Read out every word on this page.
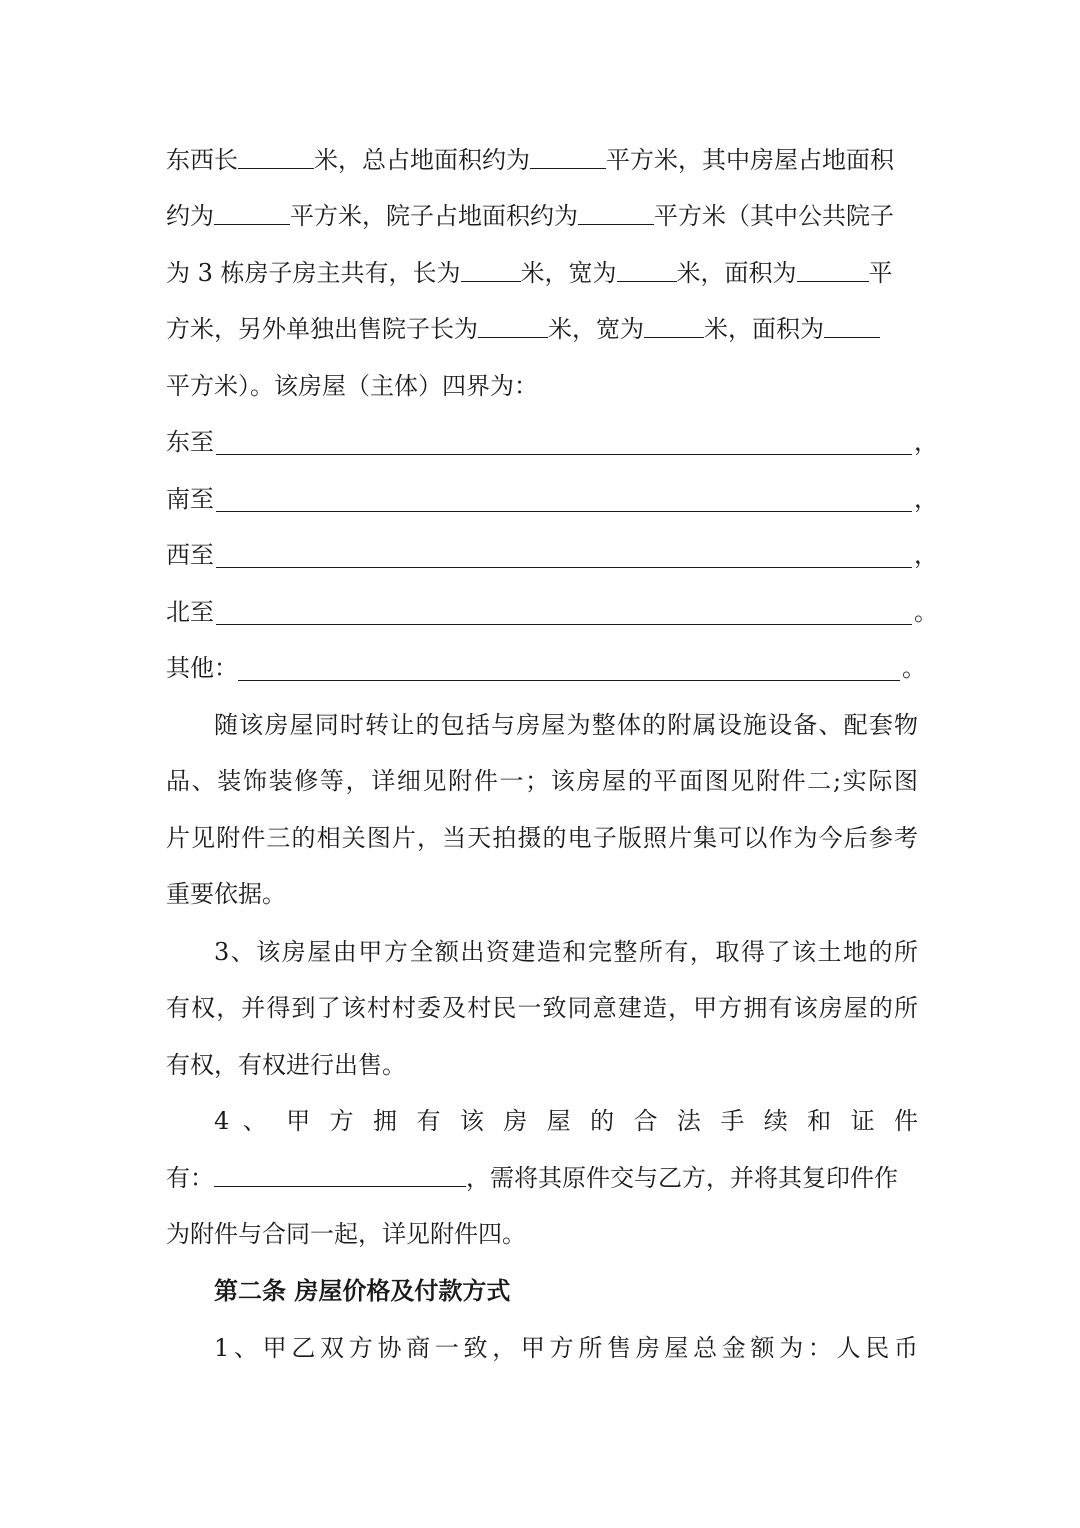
东西长	米，总占地面积约为	平方米，其中房屋占地面积
约为	平方米，院子占地面积约为	平方米（其中公共院子
为 3 栋房子房主共有，长为	米，宽为	米，面积为	平
方米，另外单独出售院子长为	米，宽为	米，面积为
平方米）。该房屋（主体）四界为：
东至	，
南至	，
西至	，
北至	。
其他：	。
随该房屋同时转让的包括与房屋为整体的附属设施设备、配套物
品、装饰装修等，详细见附件一；该房屋的平面图见附件二;实际图
片见附件三的相关图片，当天拍摄的电子版照片集可以作为今后参考
重要依据。
3、该房屋由甲方全额出资建造和完整所有，取得了该土地的所
有权，并得到了该村村委及村民一致同意建造，甲方拥有该房屋的所
有权，有权进行出售。
4 、 甲 方 拥 有 该 房 屋 的 合 法 手 续 和 证 件
有：	，需将其原件交与乙方，并将其复印件作
为附件与合同一起，详见附件四。
第二条 房屋价格及付款方式
1、甲乙双方协商一致，甲方所售房屋总金额为：人民币
